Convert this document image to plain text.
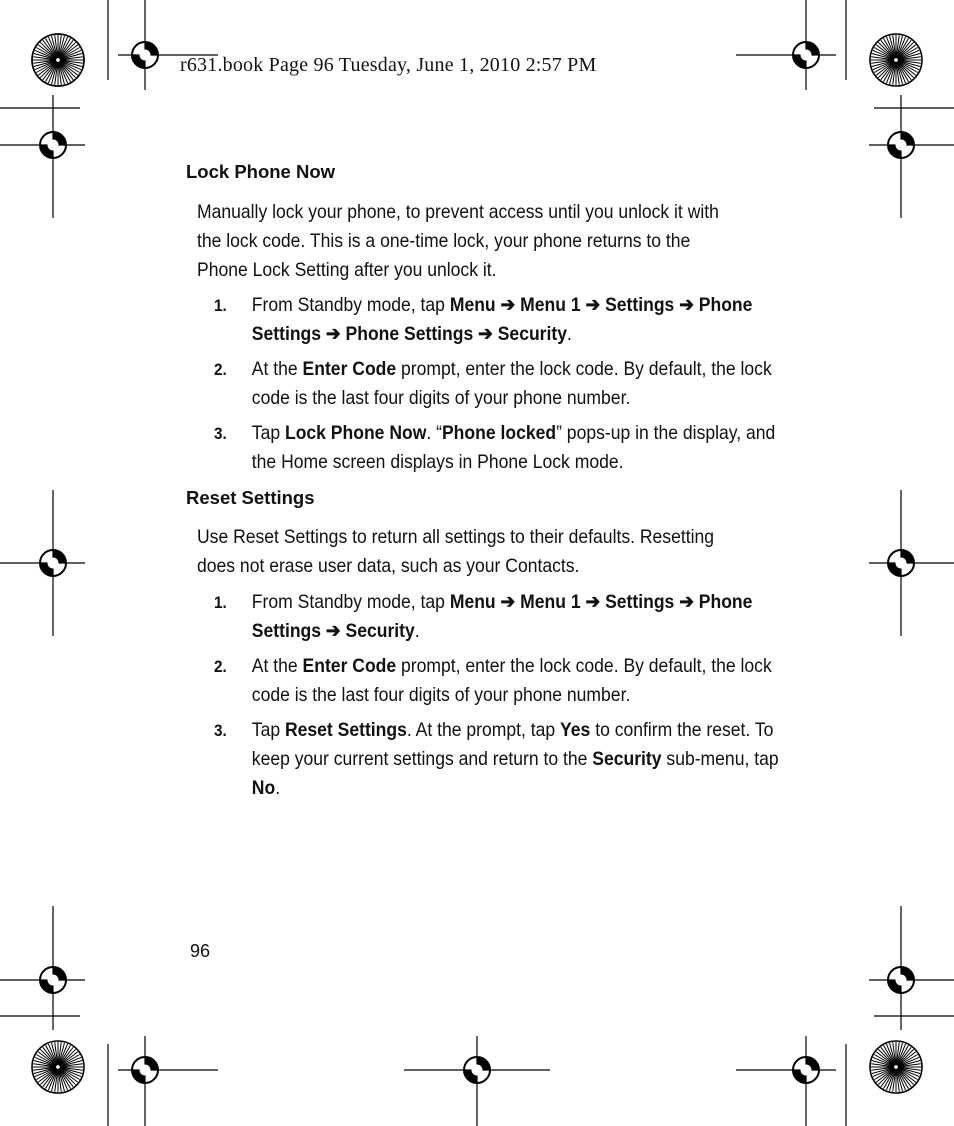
r631.book Page 96 Tuesday, June 1, 2010 2:57 PM
Lock Phone Now
Manually lock your phone, to prevent access until you unlock it with the lock code. This is a one-time lock, your phone returns to the Phone Lock Setting after you unlock it.
1. From Standby mode, tap Menu ➔ Menu 1 ➔ Settings ➔ Phone Settings ➔ Phone Settings ➔ Security.
2. At the Enter Code prompt, enter the lock code. By default, the lock code is the last four digits of your phone number.
3. Tap Lock Phone Now. “Phone locked” pops-up in the display, and the Home screen displays in Phone Lock mode.
Reset Settings
Use Reset Settings to return all settings to their defaults. Resetting does not erase user data, such as your Contacts.
1. From Standby mode, tap Menu ➔ Menu 1 ➔ Settings ➔ Phone Settings ➔ Security.
2. At the Enter Code prompt, enter the lock code. By default, the lock code is the last four digits of your phone number.
3. Tap Reset Settings. At the prompt, tap Yes to confirm the reset. To keep your current settings and return to the Security sub-menu, tap No.
96
